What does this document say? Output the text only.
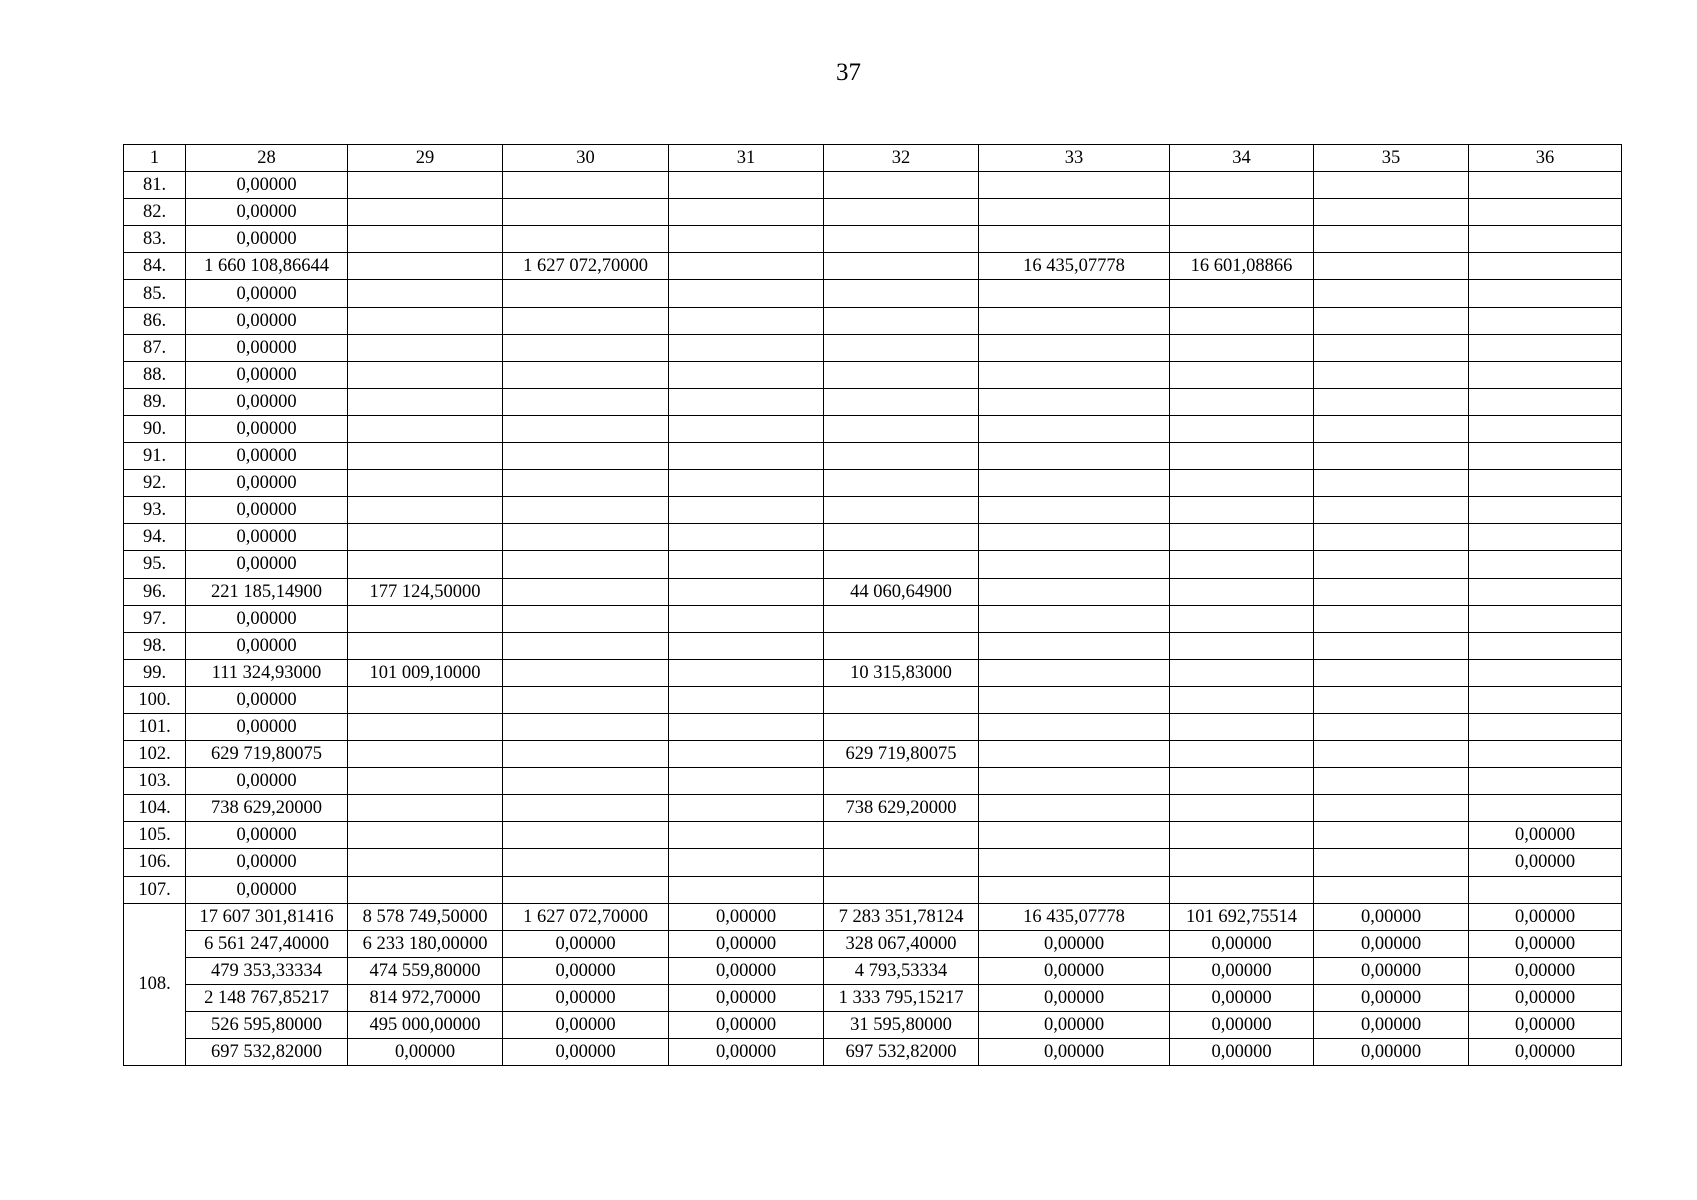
37
1	28	29	30	31	32	33	34	35	36
81.	0,00000								
82.	0,00000								
83.	0,00000								
84.	1 660 108,86644		1 627 072,70000			16 435,07778	16 601,08866		
85.	0,00000								
86.	0,00000								
87.	0,00000								
88.	0,00000								
89.	0,00000								
90.	0,00000								
91.	0,00000								
92.	0,00000								
93.	0,00000								
94.	0,00000								
95.	0,00000								
96.	221 185,14900	177 124,50000			44 060,64900				
97.	0,00000								
98.	0,00000								
99.	111 324,93000	101 009,10000			10 315,83000				
100.	0,00000								
101.	0,00000								
102.	629 719,80075				629 719,80075				
103.	0,00000								
104.	738 629,20000				738 629,20000				
105.	0,00000								0,00000
106.	0,00000								0,00000
107.	0,00000								
108.	17 607 301,81416	8 578 749,50000	1 627 072,70000	0,00000	7 283 351,78124	16 435,07778	101 692,75514	0,00000	0,00000
	6 561 247,40000	6 233 180,00000	0,00000	0,00000	328 067,40000	0,00000	0,00000	0,00000	0,00000
	479 353,33334	474 559,80000	0,00000	0,00000	4 793,53334	0,00000	0,00000	0,00000	0,00000
	2 148 767,85217	814 972,70000	0,00000	0,00000	1 333 795,15217	0,00000	0,00000	0,00000	0,00000
	526 595,80000	495 000,00000	0,00000	0,00000	31 595,80000	0,00000	0,00000	0,00000	0,00000
	697 532,82000	0,00000	0,00000	0,00000	697 532,82000	0,00000	0,00000	0,00000	0,00000
